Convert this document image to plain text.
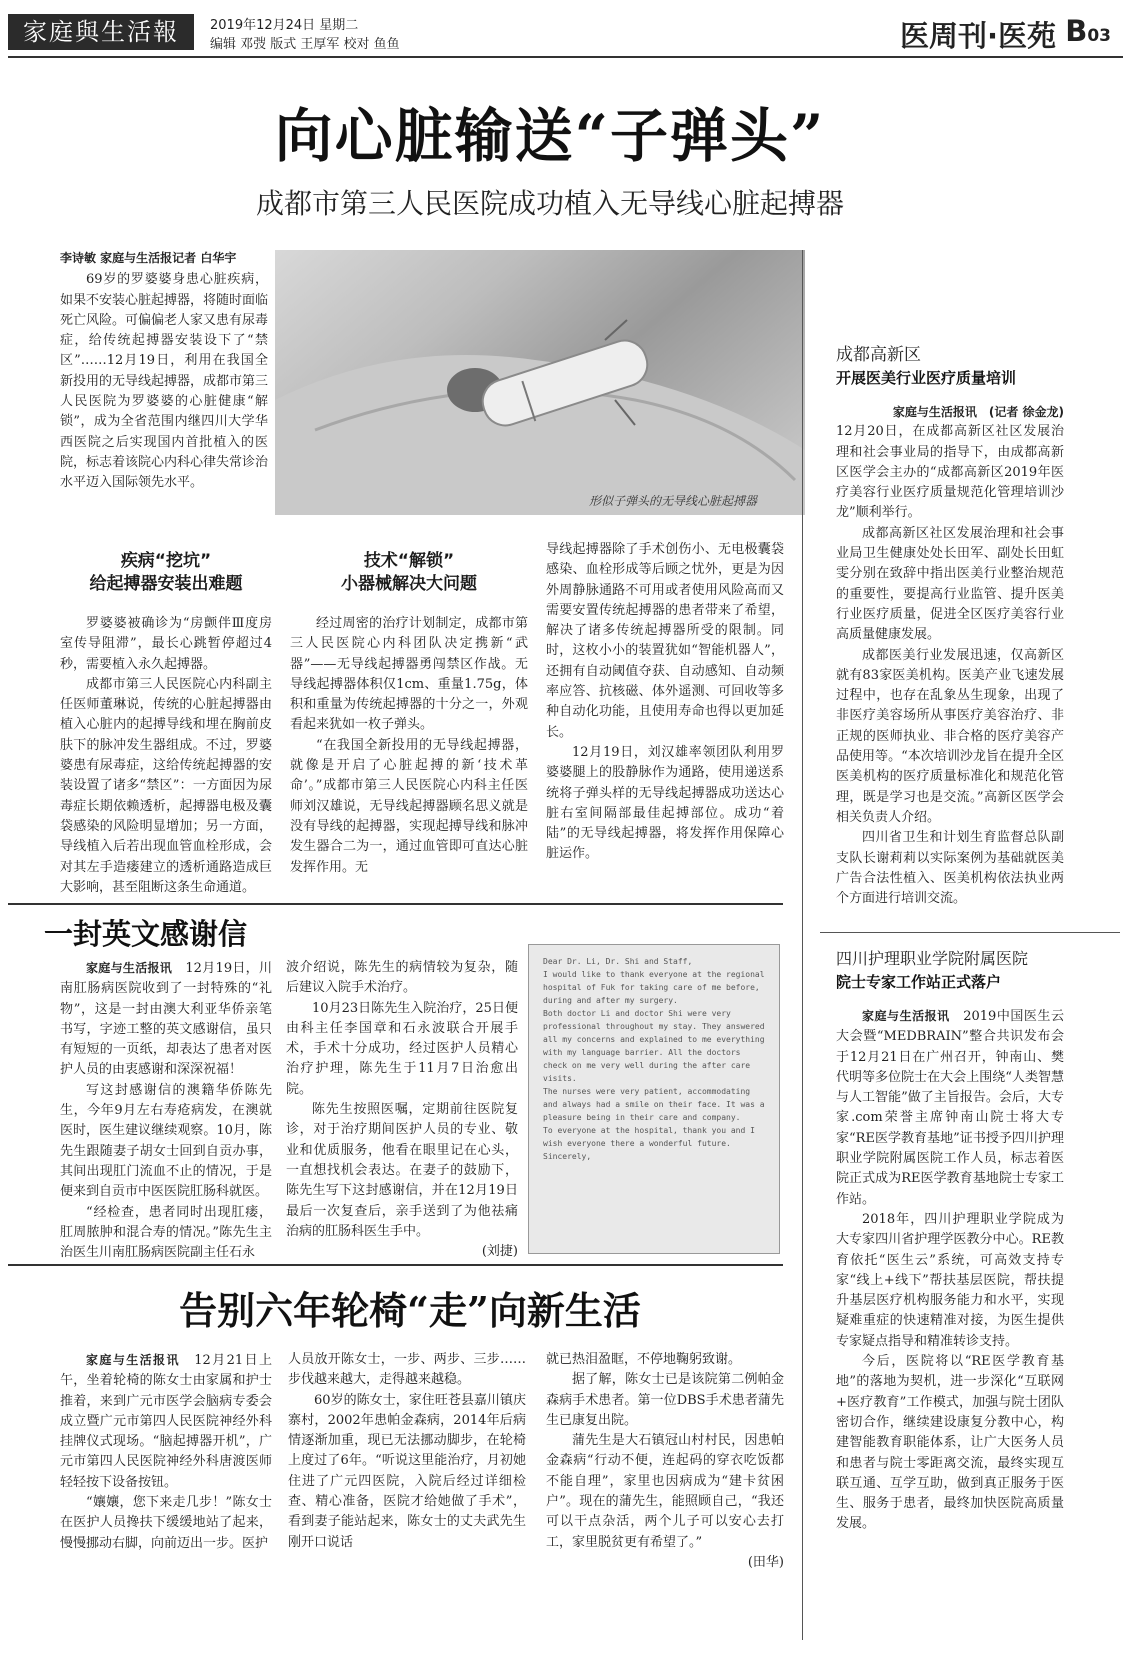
家庭與生活報	2019年12月24日 星期二
编辑 邓弢 版式 王厚军 校对 鱼鱼	医周刊·医苑 B03
向心脏输送“子弹头”
成都市第三人民医院成功植入无导线心脏起搏器
李诗敏 家庭与生活报记者 白华宇

69岁的罗婆婆身患心脏疾病，如果不安装心脏起搏器，将随时面临死亡风险。可偏偏老人家又患有尿毒症，给传统起搏器安装设下了“禁区”……12月19日，利用在我国全新投用的无导线起搏器，成都市第三人民医院为罗婆婆的心脏健康“解锁”，成为全省范围内继四川大学华西医院之后实现国内首批植入的医院，标志着该院心内科心律失常诊治水平迈入国际领先水平。

形似子弹头的无导线心脏起搏器
疾病“挖坑”
给起搏器安装出难题

罗婆婆被确诊为“房颤伴Ⅲ度房室传导阻滞”，最长心跳暂停超过4秒，需要植入永久起搏器。

成都市第三人民医院心内科副主任医师董琳说，传统的心脏起搏器由植入心脏内的起搏导线和埋在胸前皮肤下的脉冲发生器组成。不过，罗婆婆患有尿毒症，这给传统起搏器的安装设置了诸多“禁区”：一方面因为尿毒症长期依赖透析，起搏器电极及囊袋感染的风险明显增加；另一方面，导线植入后若出现血管血栓形成，会对其左手造瘘建立的透析通路造成巨大影响，甚至阻断这条生命通道。

技术“解锁”
小器械解决大问题

经过周密的治疗计划制定，成都市第三人民医院心内科团队决定携新“武器”——无导线起搏器勇闯禁区作战。无导线起搏器体积仅1cm、重量1.75g，体积和重量为传统起搏器的十分之一，外观看起来犹如一枚子弹头。

“在我国全新投用的无导线起搏器，就像是开启了心脏起搏的新‘技术革命’。”成都市第三人民医院心内科主任医师刘汉雄说，无导线起搏器顾名思义就是没有导线的起搏器，实现起搏导线和脉冲发生器合二为一，通过血管即可直达心脏发挥作用。无

导线起搏器除了手术创伤小、无电极囊袋感染、血栓形成等后顾之忧外，更是为因外周静脉通路不可用或者使用风险高而又需要安置传统起搏器的患者带来了希望，解决了诸多传统起搏器所受的限制。同时，这枚小小的装置犹如“智能机器人”，还拥有自动阈值夺获、自动感知、自动频率应答、抗核磁、体外遥测、可回收等多种自动化功能，且使用寿命也得以更加延长。

12月19日，刘汉雄率领团队利用罗婆婆腿上的股静脉作为通路，使用递送系统将子弹头样的无导线起搏器成功送达心脏右室间隔部最佳起搏部位。成功“着陆”的无导线起搏器，将发挥作用保障心脏运作。

一封英文感谢信

家庭与生活报讯　 12月19日，川南肛肠病医院收到了一封特殊的“礼物”，这是一封由澳大利亚华侨亲笔书写，字迹工整的英文感谢信，虽只有短短的一页纸，却表达了患者对医护人员的由衷感谢和深深祝福！

写这封感谢信的澳籍华侨陈先生，今年9月左右寿疮病发，在澳就医时，医生建议继续观察。10月，陈先生跟随妻子胡女士回到自贡办事，其间出现肛门流血不止的情况，于是便来到自贡市中医医院肛肠科就医。

“经检查，患者同时出现肛瘘，肛周脓肿和混合寿的情况。”陈先生主治医生川南肛肠病医院副主任石永

波介绍说，陈先生的病情较为复杂，随后建议入院手术治疗。

10月23日陈先生入院治疗，25日便由科主任李国章和石永波联合开展手术，手术十分成功，经过医护人员精心治疗护理，陈先生于11月7日治愈出院。

陈先生按照医嘱，定期前往医院复诊，对于治疗期间医护人员的专业、敬业和优质服务，他看在眼里记在心头，一直想找机会表达。在妻子的鼓励下，陈先生写下这封感谢信，并在12月19日最后一次复查后，亲手送到了为他祛痛治病的肛肠科医生手中。

(刘捷)
Dear Dr. Li, Dr. Shi and Staff,
I would like to thank everyone at the regional hospital of Fuk for taking care of me before, during and after my surgery.
Both doctor Li and doctor Shi were very professional throughout my stay. They answered all my concerns and explained to me everything with my language barrier. All the doctors check on me very well during the after care visits.
The nurses were very patient, accommodating and always had a smile on their face. It was a pleasure being in their care and company.
To everyone at the hospital, thank you and I wish everyone there a wonderful future.
Sincerely,
告别六年轮椅“走”向新生活

家庭与生活报讯　 12月21日上午，坐着轮椅的陈女士由家属和护士推着，来到广元市医学会脑病专委会成立暨广元市第四人民医院神经外科挂牌仪式现场。“脑起搏器开机”，广元市第四人民医院神经外科唐渡医师轻轻按下设备按钮。

“孃孃，您下来走几步！”陈女士在医护人员搀扶下缓缓地站了起来，慢慢挪动右脚，向前迈出一步。医护

人员放开陈女士，一步、两步、三步……步伐越来越大，走得越来越稳。

60岁的陈女士，家住旺苍县嘉川镇庆寨村，2002年患帕金森病，2014年后病情逐渐加重，现已无法挪动脚步，在轮椅上度过了6年。“听说这里能治疗，月初她住进了广元四医院，入院后经过详细检查、精心准备，医院才给她做了手术”，看到妻子能站起来，陈女士的丈夫武先生刚开口说话

就已热泪盈眶，不停地鞠躬致谢。

据了解，陈女士已是该院第二例帕金森病手术患者。第一位DBS手术患者蒲先生已康复出院。

蒲先生是大石镇冠山村村民，因患帕金森病“行动不便，连起码的穿衣吃饭都不能自理”，家里也因病成为“建卡贫困户”。现在的蒲先生，能照顾自己，“我还可以干点杂活，两个儿子可以安心去打工，家里脱贫更有希望了。”

(田华)
成都高新区
开展医美行业医疗质量培训
家庭与生活报讯　(记者 徐金龙)

12月20日，在成都高新区社区发展治理和社会事业局的指导下，由成都高新区医学会主办的“成都高新区2019年医疗美容行业医疗质量规范化管理培训沙龙”顺利举行。

成都高新区社区发展治理和社会事业局卫生健康处处长田军、副处长田虹雯分别在致辞中指出医美行业整治规范的重要性，要提高行业监管、提升医美行业医疗质量，促进全区医疗美容行业高质量健康发展。

成都医美行业发展迅速，仅高新区就有83家医美机构。医美产业飞速发展过程中，也存在乱象丛生现象，出现了非医疗美容场所从事医疗美容治疗、非正规的医师执业、非合格的医疗美容产品使用等。“本次培训沙龙旨在提升全区医美机构的医疗质量标准化和规范化管理，既是学习也是交流。”高新区医学会相关负责人介绍。

四川省卫生和计划生育监督总队副支队长谢莉莉以实际案例为基础就医美广告合法性植入、医美机构依法执业两个方面进行培训交流。

四川护理职业学院附属医院
院士专家工作站正式落户

家庭与生活报讯　 2019中国医生云大会暨“MEDBRAIN”整合共识发布会于12月21日在广州召开，钟南山、樊代明等多位院士在大会上围绕“人类智慧与人工智能”做了主旨报告。会后，大专家.com荣誉主席钟南山院士将大专家“RE医学教育基地”证书授予四川护理职业学院附属医院工作人员，标志着医院正式成为RE医学教育基地院士专家工作站。

2018年，四川护理职业学院成为大专家四川省护理学医教分中心。RE教育依托“医生云”系统，可高效支持专家“线上+线下”帮扶基层医院，帮扶提升基层医疗机构服务能力和水平，实现疑难重症的快速精准对接，为医生提供专家疑点指导和精准转诊支持。

今后，医院将以“RE医学教育基地”的落地为契机，进一步深化“互联网+医疗教育”工作模式，加强与院士团队密切合作，继续建设康复分教中心，构建智能教育职能体系，让广大医务人员和患者与院士零距离交流，最终实现互联互通、互学互助，做到真正服务于医生、服务于患者，最终加快医院高质量发展。
